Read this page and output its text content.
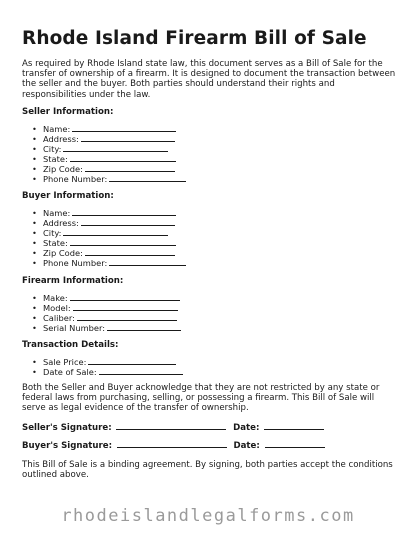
Rhode Island Firearm Bill of Sale
As required by Rhode Island state law, this document serves as a Bill of Sale for the transfer of ownership of a firearm. It is designed to document the transaction between the seller and the buyer. Both parties should understand their rights and responsibilities under the law.
Seller Information:
• Name:
• Address:
• City:
• State:
• Zip Code:
• Phone Number:
Buyer Information:
• Name:
• Address:
• City:
• State:
• Zip Code:
• Phone Number:
Firearm Information:
• Make:
• Model:
• Caliber:
• Serial Number:
Transaction Details:
• Sale Price:
• Date of Sale:
Both the Seller and Buyer acknowledge that they are not restricted by any state or federal laws from purchasing, selling, or possessing a firearm. This Bill of Sale will serve as legal evidence of the transfer of ownership.
Seller's Signature:	Date:
Buyer's Signature:	Date:
This Bill of Sale is a binding agreement. By signing, both parties accept the conditions outlined above.
rhodeislandlegalforms.com
